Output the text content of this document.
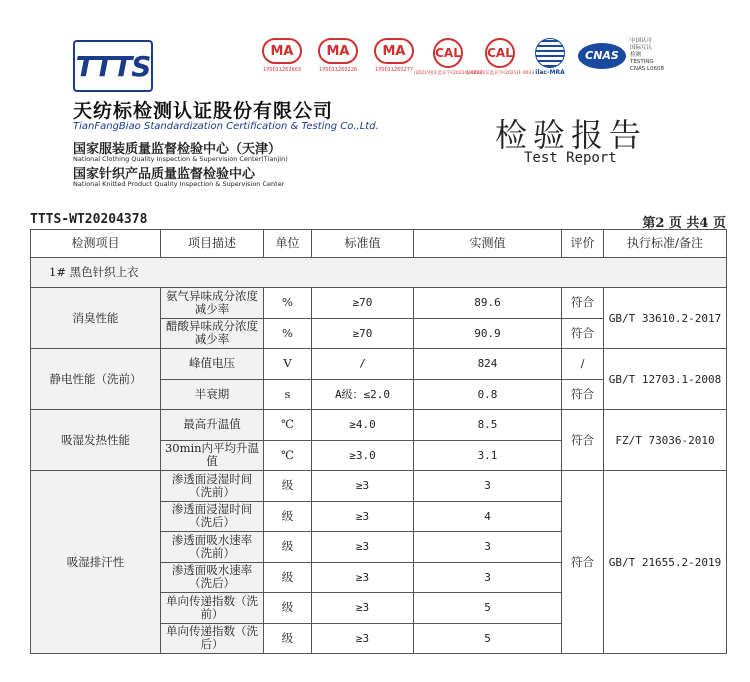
TTTS	MA
170011263663
MA
170011260226
MA
170011260277
CAL
(2021)国认监认字(2021)1-0032
CAL
(2021)国认监认字(2021)1-0033 ilac-MRA
CNAS
中国认可
国际互认
检测
TESTING
CNAS L0608
天纺标检测认证股份有限公司
TianFangBiao Standardization Certification & Testing Co.,Ltd.
国家服装质量监督检验中心（天津）
National Clothing Quality Inspection & Supervision Center(Tianjin)
国家针织产品质量监督检验中心
National Knitted Product Quality Inspection & Supervision Center
检验报告
Test Report
TTTS-WT20204378	第2 页 共4 页
检测项目	项目描述	单位	标准值	实测值	评价	执行标准/备注
1# 黑色针织上衣						
消臭性能	氨气异味成分浓度减少率	%	≥70	89.6	符合	GB/T 33610.2-2017
	醋酸异味成分浓度减少率	%	≥70	90.9	符合	
静电性能（洗前）	峰值电压	V	/	824	/	GB/T 12703.1-2008
	半衰期	s	A级：≤2.0	0.8	符合	
吸湿发热性能	最高升温值	℃	≥4.0	8.5	符合	FZ/T 73036-2010
	30min内平均升温值	℃	≥3.0	3.1		
吸湿排汗性	渗透面浸湿时间（洗前）	级	≥3	3	符合	GB/T 21655.2-2019
	渗透面浸湿时间（洗后）	级	≥3	4		
	渗透面吸水速率（洗前）	级	≥3	3		
	渗透面吸水速率（洗后）	级	≥3	3		
	单向传递指数（洗前）	级	≥3	5		
	单向传递指数（洗后）	级	≥3	5		
